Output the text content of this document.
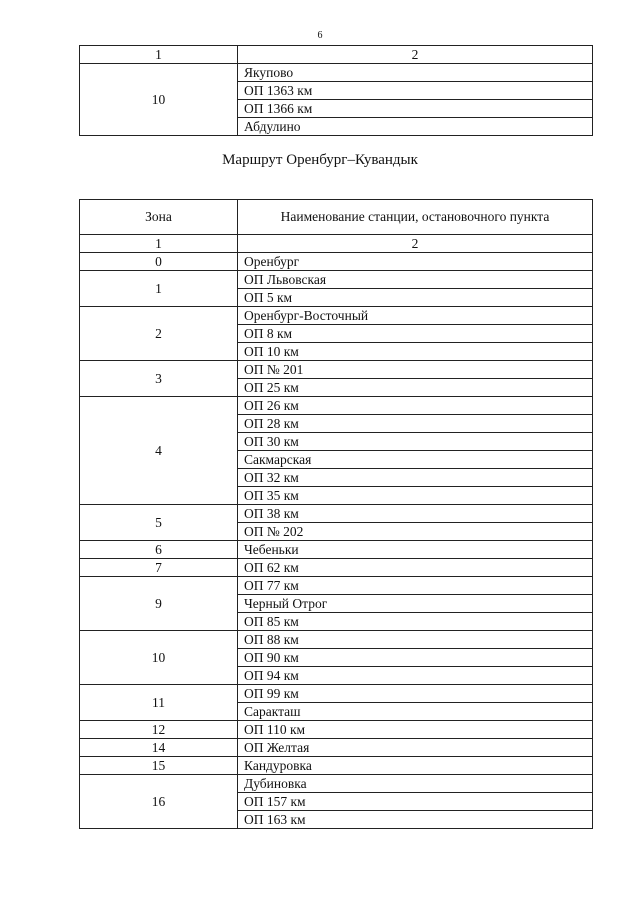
6
1	2
10	Якупово
	ОП 1363 км
	ОП 1366 км
	Абдулино
Маршрут Оренбург–Кувандык
Зона	Наименование станции, остановочного пункта
1	2
0	Оренбург
1	ОП Львовская
	ОП 5 км
2	Оренбург-Восточный
	ОП 8 км
	ОП 10 км
3	ОП № 201
	ОП 25 км
4	ОП 26 км
	ОП 28 км
	ОП 30 км
	Сакмарская
	ОП 32 км
	ОП 35 км
5	ОП 38 км
	ОП № 202
6	Чебеньки
7	ОП 62 км
9	ОП 77 км
	Черный Отрог
	ОП 85 км
10	ОП 88 км
	ОП 90 км
	ОП 94 км
11	ОП 99 км
	Саракташ
12	ОП 110 км
14	ОП Желтая
15	Кандуровка
16	Дубиновка
	ОП 157 км
	ОП 163 км
